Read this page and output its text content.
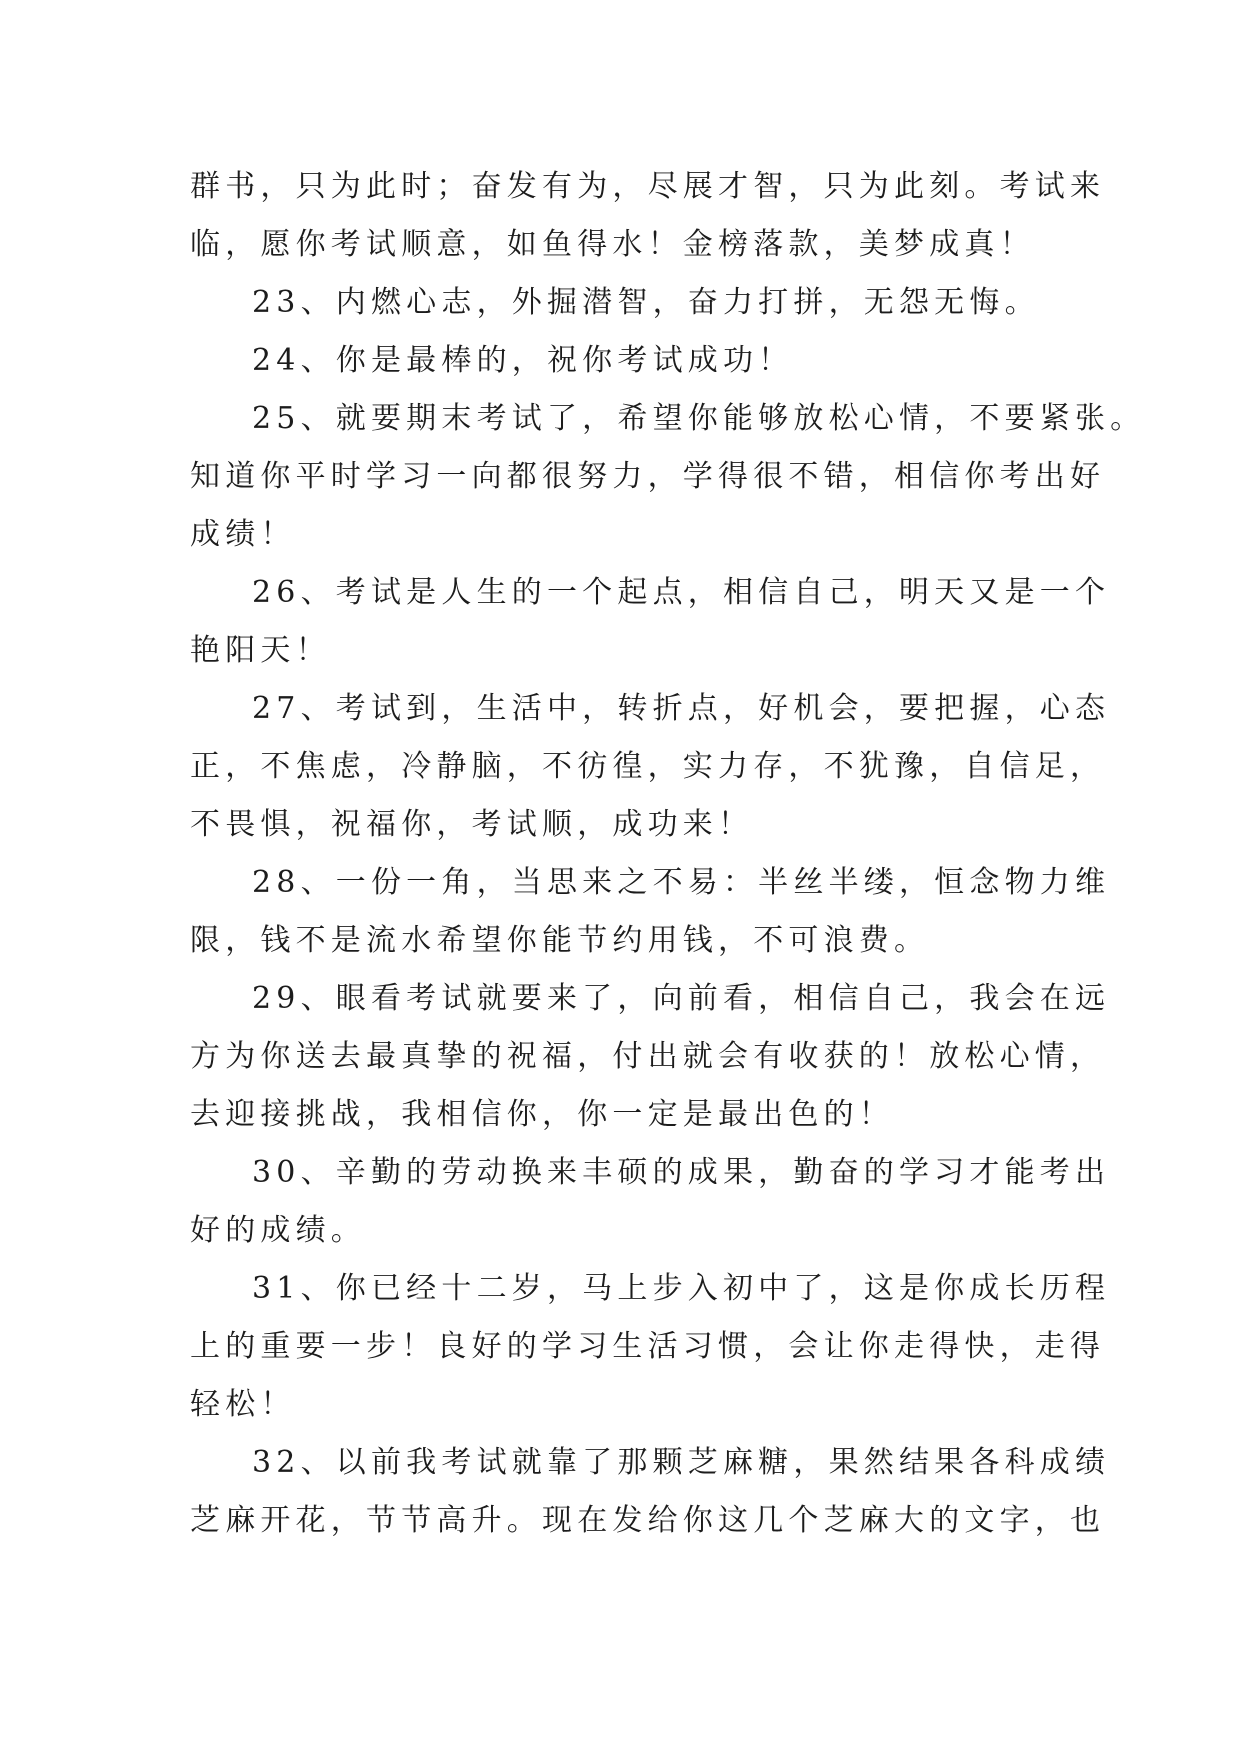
群书，只为此时；奋发有为，尽展才智，只为此刻。考试来
临，愿你考试顺意，如鱼得水！金榜落款，美梦成真！
23、内燃心志，外掘潜智，奋力打拼，无怨无悔。
24、你是最棒的，祝你考试成功！
25、就要期末考试了，希望你能够放松心情，不要紧张。
知道你平时学习一向都很努力，学得很不错，相信你考出好
成绩！
26、考试是人生的一个起点，相信自己，明天又是一个
艳阳天！
27、考试到，生活中，转折点，好机会，要把握，心态
正，不焦虑，冷静脑，不彷徨，实力存，不犹豫，自信足，
不畏惧，祝福你，考试顺，成功来！
28、一份一角，当思来之不易：半丝半缕，恒念物力维
限，钱不是流水希望你能节约用钱，不可浪费。
29、眼看考试就要来了，向前看，相信自己，我会在远
方为你送去最真挚的祝福，付出就会有收获的！放松心情，
去迎接挑战，我相信你，你一定是最出色的！
30、辛勤的劳动换来丰硕的成果，勤奋的学习才能考出
好的成绩。
31、你已经十二岁，马上步入初中了，这是你成长历程
上的重要一步！良好的学习生活习惯，会让你走得快，走得
轻松！
32、以前我考试就靠了那颗芝麻糖，果然结果各科成绩
芝麻开花，节节高升。现在发给你这几个芝麻大的文字，也
